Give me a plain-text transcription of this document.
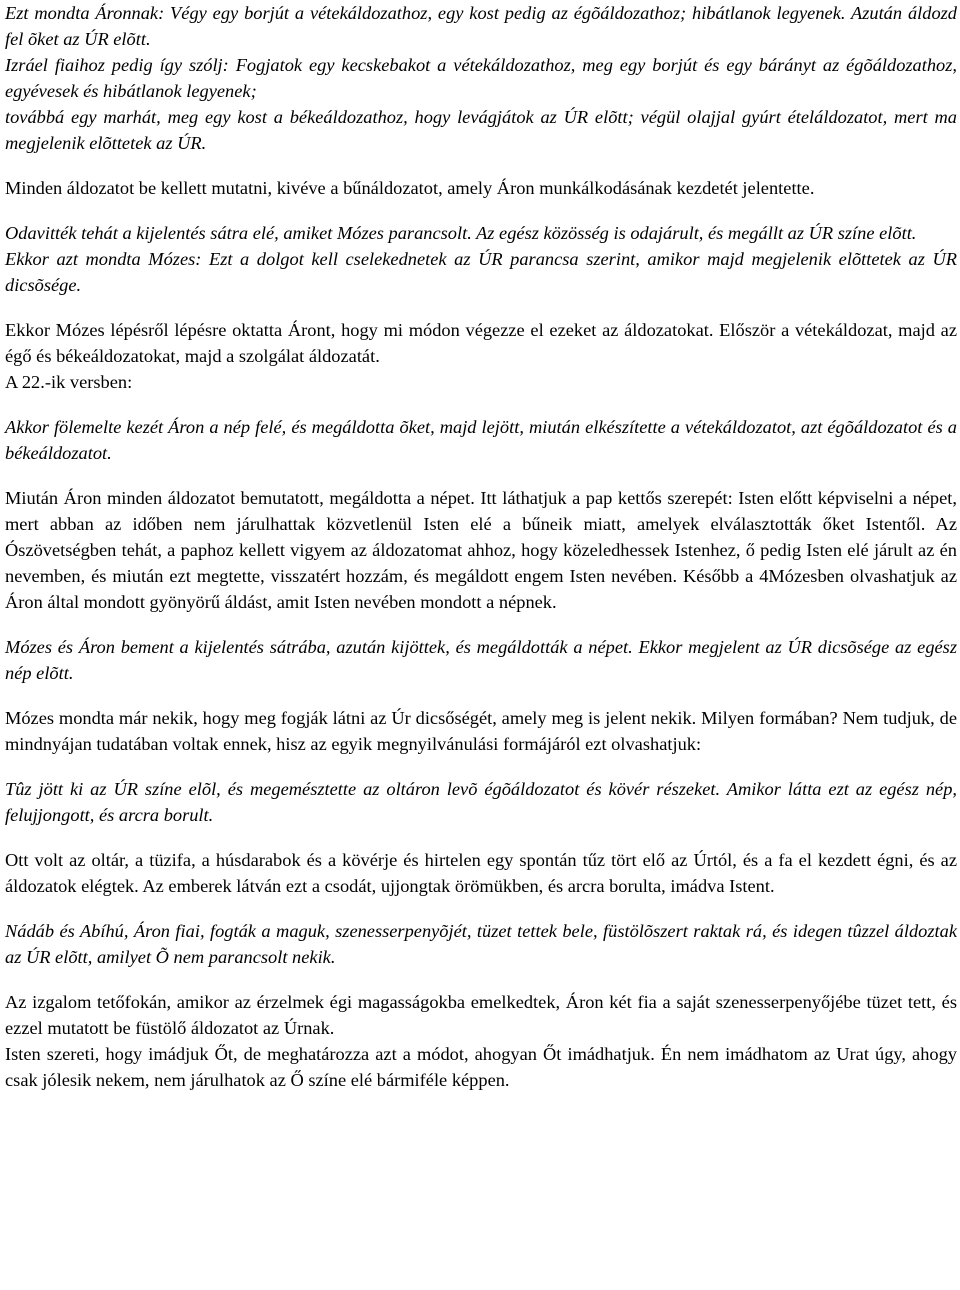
Ezt mondta Áronnak: Végy egy borjút a vétekáldozathoz, egy kost pedig az égõáldozathoz; hibátlanok legyenek. Azután áldozd fel õket az ÚR elõtt.

Izráel fiaihoz pedig így szólj: Fogjatok egy kecskebakot a vétekáldozathoz, meg egy borjút és egy bárányt az égõáldozathoz, egyévesek és hibátlanok legyenek;

továbbá egy marhát, meg egy kost a békeáldozathoz, hogy levágjátok az ÚR elõtt; végül olajjal gyúrt ételáldozatot, mert ma megjelenik elõttetek az ÚR.

Minden áldozatot be kellett mutatni, kivéve a bűnáldozatot, amely Áron munkálkodásának kezdetét jelentette.

Odavitték tehát a kijelentés sátra elé, amiket Mózes parancsolt. Az egész közösség is odajárult, és megállt az ÚR színe elõtt.

Ekkor azt mondta Mózes: Ezt a dolgot kell cselekednetek az ÚR parancsa szerint, amikor majd megjelenik elõttetek az ÚR dicsõsége.

Ekkor Mózes lépésről lépésre oktatta Áront, hogy mi módon végezze el ezeket az áldozatokat. Először a vétekáldozat, majd az égő és békeáldozatokat, majd a szolgálat áldozatát.

A 22.-ik versben:

Akkor fölemelte kezét Áron a nép felé, és megáldotta õket, majd lejött, miután elkészítette a vétekáldozatot, azt égõáldozatot és a békeáldozatot.

Miután Áron minden áldozatot bemutatott, megáldotta a népet. Itt láthatjuk a pap kettős szerepét: Isten előtt képviselni a népet, mert abban az időben nem járulhattak közvetlenül Isten elé a bűneik miatt, amelyek elválasztották őket Istentől. Az Ószövetségben tehát, a paphoz kellett vigyem az áldozatomat ahhoz, hogy közeledhessek Istenhez, ő pedig Isten elé járult az én nevemben, és miután ezt megtette, visszatért hozzám, és megáldott engem Isten nevében. Később a 4Mózesben olvashatjuk az Áron által mondott gyönyörű áldást, amit Isten nevében mondott a népnek.

Mózes és Áron bement a kijelentés sátrába, azután kijöttek, és megáldották a népet. Ekkor megjelent az ÚR dicsõsége az egész nép elõtt.

Mózes mondta már nekik, hogy meg fogják látni az Úr dicsőségét, amely meg is jelent nekik. Milyen formában? Nem tudjuk, de mindnyájan tudatában voltak ennek, hisz az egyik megnyilvánulási formájáról ezt olvashatjuk:

Tûz jött ki az ÚR színe elõl, és megemésztette az oltáron levõ égõáldozatot és kövér részeket. Amikor látta ezt az egész nép, felujjongott, és arcra borult.

Ott volt az oltár, a tüzifa, a húsdarabok és a kövérje és hirtelen egy spontán tűz tört elő az Úrtól, és a fa el kezdett égni, és az áldozatok elégtek. Az emberek látván ezt a csodát, ujjongtak örömükben, és arcra borulta, imádva Istent.

Nádáb és Abíhú, Áron fiai, fogták a maguk, szenesserpenyõjét, tüzet tettek bele, füstölõszert raktak rá, és idegen tûzzel áldoztak az ÚR elõtt, amilyet Õ nem parancsolt nekik.

Az izgalom tetőfokán, amikor az érzelmek égi magasságokba emelkedtek, Áron két fia a saját szenesserpenyőjébe tüzet tett, és ezzel mutatott be füstölő áldozatot az Úrnak.

Isten szereti, hogy imádjuk Őt, de meghatározza azt a módot, ahogyan Őt imádhatjuk. Én nem imádhatom az Urat úgy, ahogy csak jólesik nekem, nem járulhatok az Ő színe elé bármiféle képpen.
